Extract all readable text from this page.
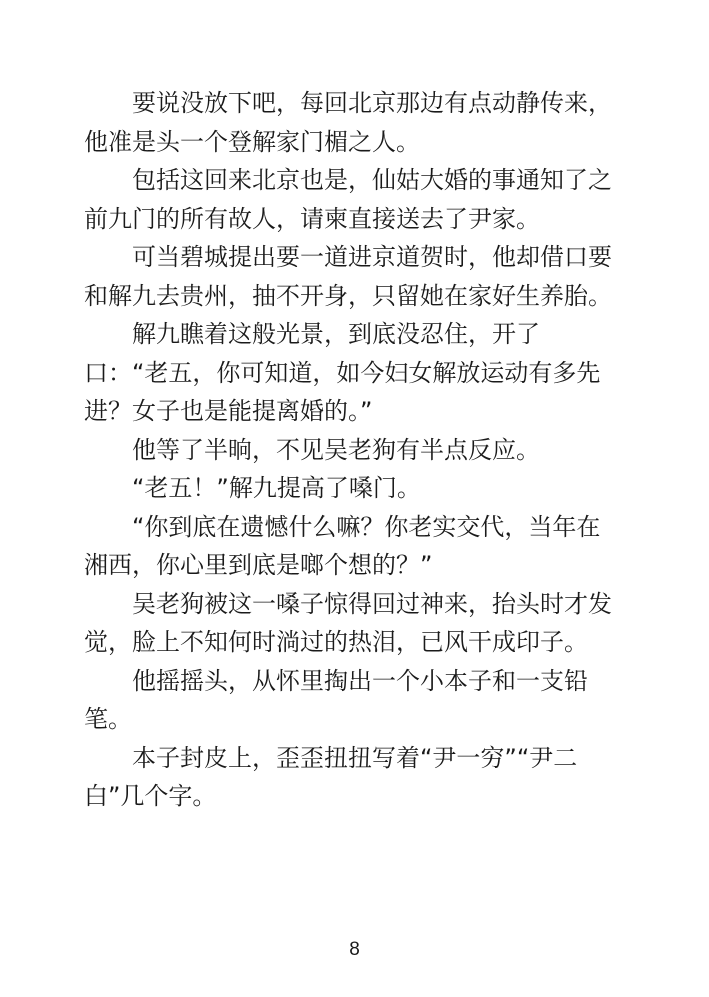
要说没放下吧，每回北京那边有点动静传来，他准是头一个登解家门楣之人。

包括这回来北京也是，仙姑大婚的事通知了之前九门的所有故人，请柬直接送去了尹家。

可当碧城提出要一道进京道贺时，他却借口要和解九去贵州，抽不开身，只留她在家好生养胎。

解九瞧着这般光景，到底没忍住，开了口：“老五，你可知道，如今妇女解放运动有多先进？女子也是能提离婚的。”

他等了半晌，不见吴老狗有半点反应。

“老五！”解九提高了嗓门。

“你到底在遗憾什么嘛？你老实交代，当年在湘西，你心里到底是啷个想的？”

吴老狗被这一嗓子惊得回过神来，抬头时才发觉，脸上不知何时淌过的热泪，已风干成印子。

他摇摇头，从怀里掏出一个小本子和一支铅笔。

本子封皮上，歪歪扭扭写着“尹一穷”“尹二白”几个字。

8
